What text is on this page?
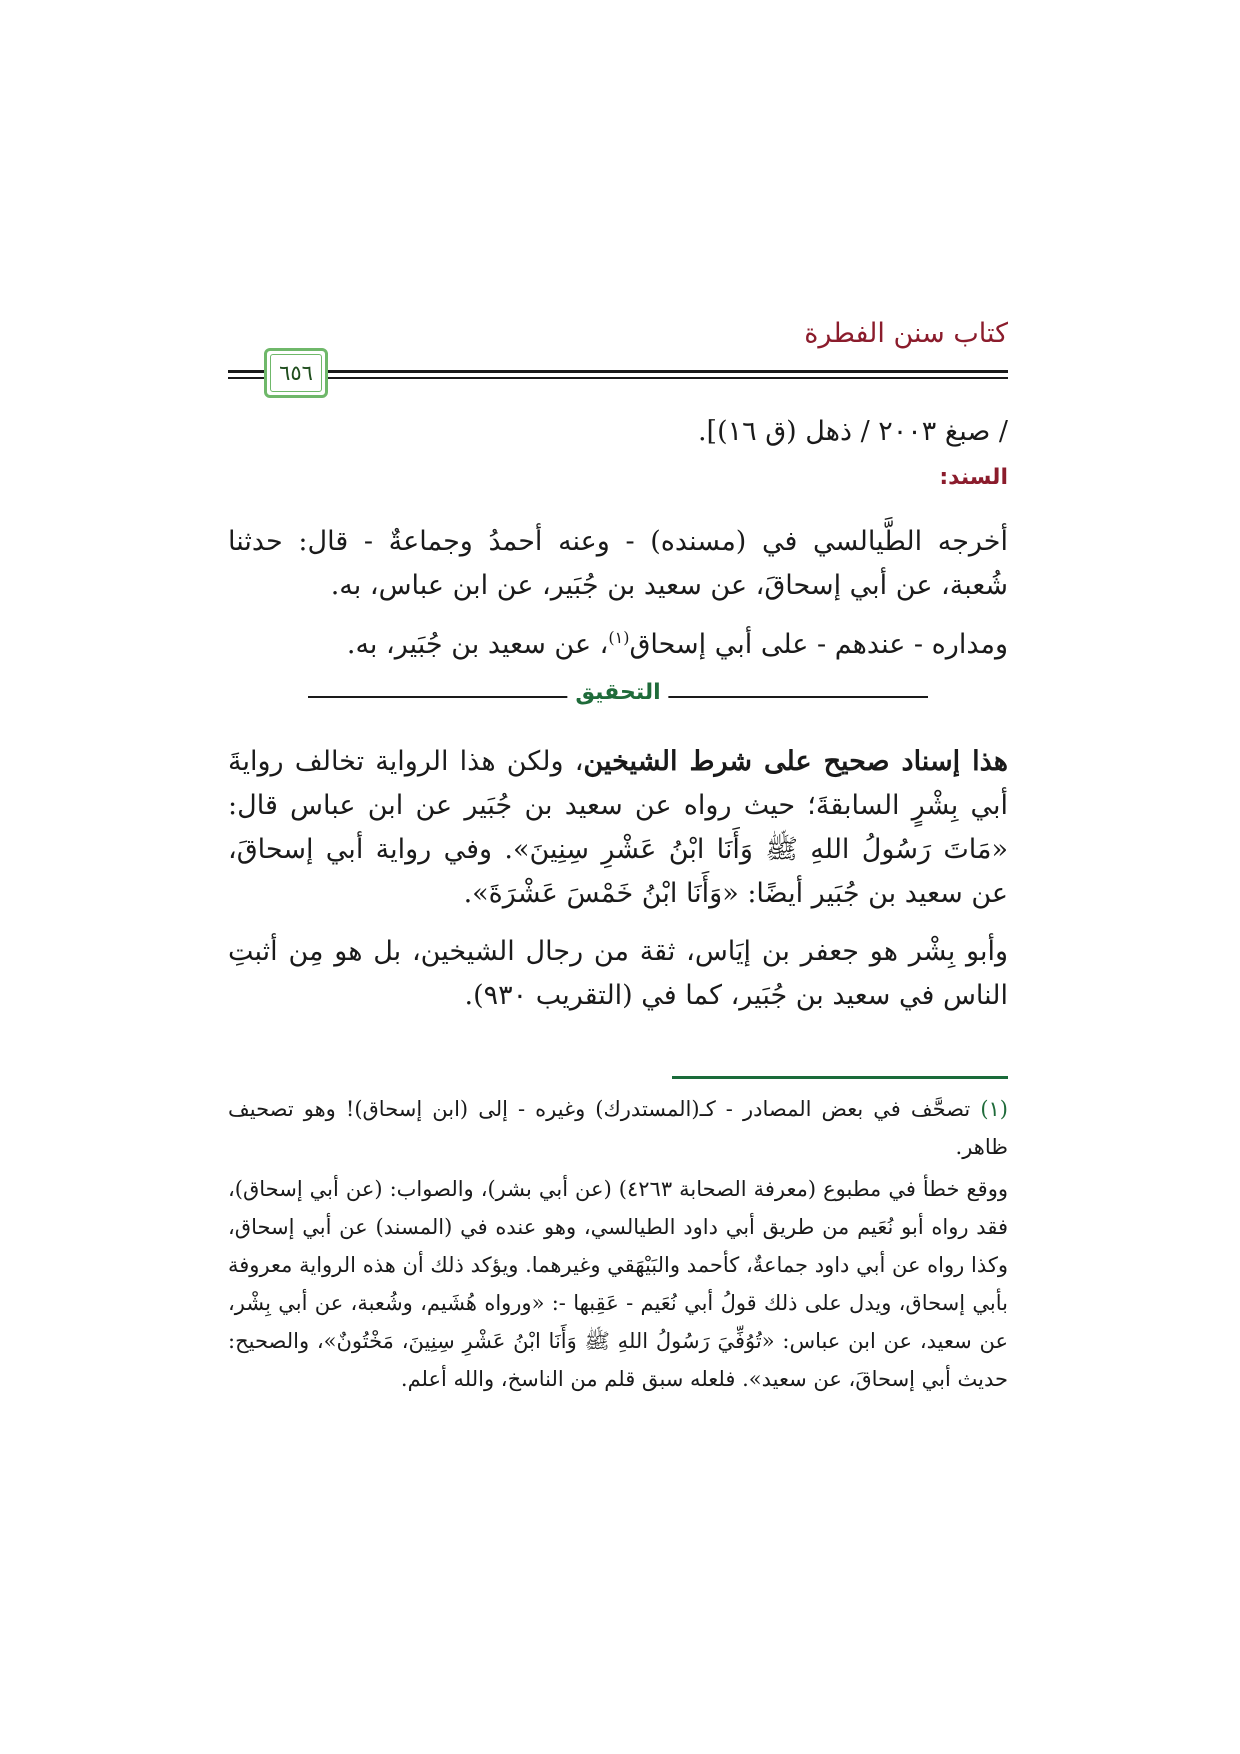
كتاب سنن الفطرة
٦٥٦

/ صبغ ٢٠٠٣ / ذهل (ق ١٦)].

السند:

أخرجه الطَّيالسي في (مسنده) - وعنه أحمدُ وجماعةٌ - قال: حدثنا شُعبة، عن أبي إسحاقَ، عن سعيد بن جُبَير، عن ابن عباس، به.

ومداره - عندهم - على أبي إسحاق$^{(١)}$، عن سعيد بن جُبَير، به.

التحقيق

هذا إسناد صحيح على شرط الشيخين، ولكن هذا الرواية تخالف روايةَ أبي بِشْرٍ السابقةَ؛ حيث رواه عن سعيد بن جُبَير عن ابن عباس قال: «مَاتَ رَسُولُ اللهِ ﷺ وَأَنَا ابْنُ عَشْرِ سِنِينَ». وفي رواية أبي إسحاقَ، عن سعيد بن جُبَير أيضًا: «وَأَنَا ابْنُ خَمْسَ عَشْرَةَ».

وأبو بِشْر هو جعفر بن إيَاس، ثقة من رجال الشيخين، بل هو مِن أثبتِ الناس في سعيد بن جُبَير، كما في (التقريب ٩٣٠).

(١) تصحَّف في بعض المصادر - كـ(المستدرك) وغيره - إلى (ابن إسحاق)! وهو تصحيف ظاهر.

ووقع خطأ في مطبوع (معرفة الصحابة ٤٢٦٣) (عن أبي بشر)، والصواب: (عن أبي إسحاق)، فقد رواه أبو نُعَيم من طريق أبي داود الطيالسي، وهو عنده في (المسند) عن أبي إسحاق، وكذا رواه عن أبي داود جماعةٌ، كأحمد والبَيْهَقي وغيرهما. ويؤكد ذلك أن هذه الرواية معروفة بأبي إسحاق، ويدل على ذلك قولُ أبي نُعَيم - عَقِبها -: «ورواه هُشَيم، وشُعبة، عن أبي بِشْر، عن سعيد، عن ابن عباس: «تُوُفِّيَ رَسُولُ اللهِ ﷺ وَأَنَا ابْنُ عَشْرِ سِنِينَ، مَخْتُونٌ»، والصحيح: حديث أبي إسحاقَ، عن سعيد». فلعله سبق قلم من الناسخ، والله أعلم.
